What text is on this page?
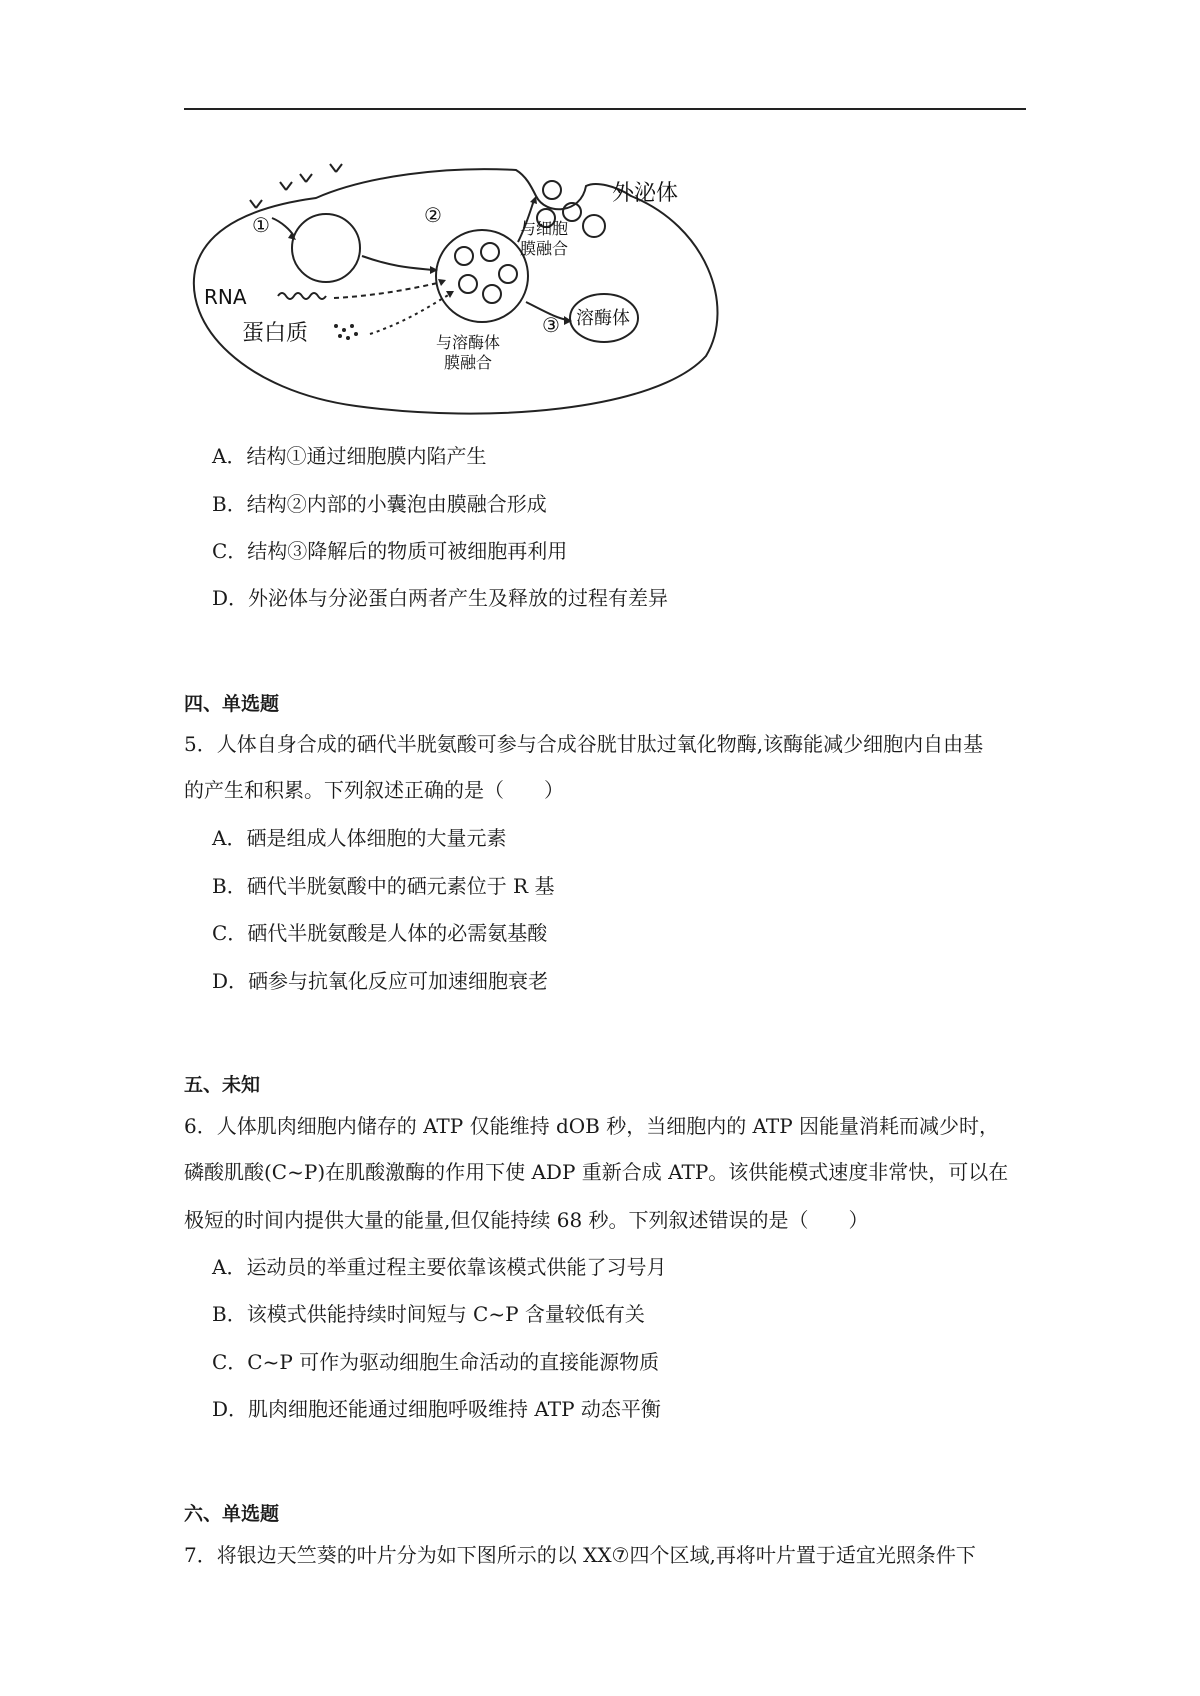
①	②
③
RNA
蛋白质
外泌体
与细胞
膜融合
溶酶体
与溶酶体
膜融合
A．结构①通过细胞膜内陷产生
B．结构②内部的小囊泡由膜融合形成
C．结构③降解后的物质可被细胞再利用
D．外泌体与分泌蛋白两者产生及释放的过程有差异
四、单选题
5．人体自身合成的硒代半胱氨酸可参与合成谷胱甘肽过氧化物酶,该酶能减少细胞内自由基
的产生和积累。下列叙述正确的是（　　）
A．硒是组成人体细胞的大量元素
B．硒代半胱氨酸中的硒元素位于 R 基
C．硒代半胱氨酸是人体的必需氨基酸
D．硒参与抗氧化反应可加速细胞衰老
五、未知
6．人体肌肉细胞内储存的 ATP 仅能维持 dOB 秒，当细胞内的 ATP 因能量消耗而减少时，
磷酸肌酸(C~P)在肌酸激酶的作用下使 ADP 重新合成 ATP。该供能模式速度非常快，可以在
极短的时间内提供大量的能量,但仅能持续 68 秒。下列叙述错误的是（　　）
A．运动员的举重过程主要依靠该模式供能了习号月
B．该模式供能持续时间短与 C~P 含量较低有关
C．C~P 可作为驱动细胞生命活动的直接能源物质
D．肌肉细胞还能通过细胞呼吸维持 ATP 动态平衡
六、单选题
7．将银边天竺葵的叶片分为如下图所示的以 XX⑦四个区域,再将叶片置于适宜光照条件下
